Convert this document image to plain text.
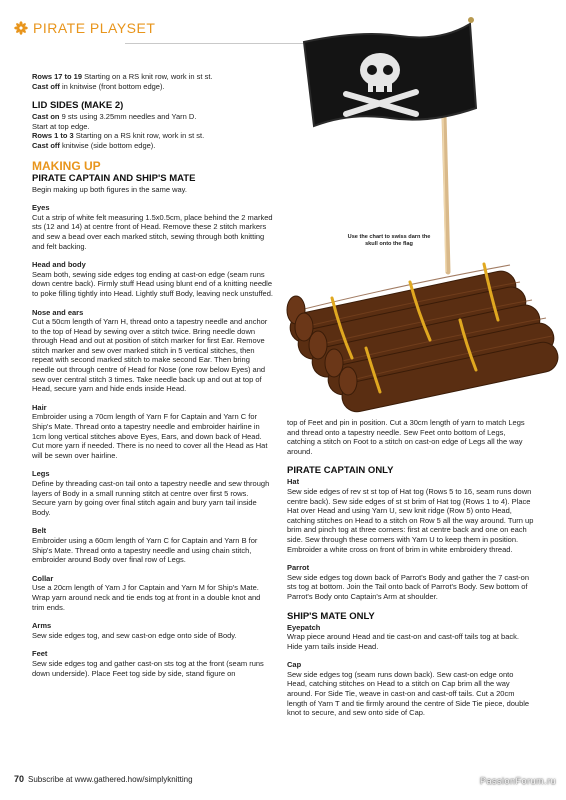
PIRATE PLAYSET
Use the chart to swiss darn the skull onto the flag

Rows 17 to 19 Starting on a RS knit row, work in st st.

Cast off in knitwise (front bottom edge).

LID SIDES (MAKE 2)

Cast on 9 sts using 3.25mm needles and Yarn D.

Start at top edge.

Rows 1 to 3 Starting on a RS knit row, work in st st.

Cast off knitwise (side bottom edge).

MAKING UP
PIRATE CAPTAIN AND SHIP'S MATE

Begin making up both figures in the same way.

Eyes

Cut a strip of white felt measuring 1.5x0.5cm, place behind the 2 marked sts (12 and 14) at centre front of Head. Remove these 2 stitch markers and sew a bead over each marked stitch, sewing through both knitting and felt backing.

Head and body

Seam both, sewing side edges tog ending at cast-on edge (seam runs down centre back). Firmly stuff Head using blunt end of a knitting needle to poke filling tightly into Head. Lightly stuff Body, leaving neck unstuffed.

Nose and ears

Cut a 50cm length of Yarn H, thread onto a tapestry needle and anchor to the top of Head by sewing over a stitch twice. Bring needle down through Head and out at position of stitch marker for first Ear. Remove stitch marker and sew over marked stitch in 5 vertical stitches, then repeat with second marked stitch to make second Ear. Then bring needle out through centre of Head for Nose (one row below Eyes) and sew over central stitch 3 times. Take needle back up and out at top of Head, secure yarn and hide ends inside Head.

Hair

Embroider using a 70cm length of Yarn F for Captain and Yarn C for Ship's Mate. Thread onto a tapestry needle and embroider hairline in 1cm long vertical stitches above Eyes, Ears, and down back of Head. Cut more yarn if needed. There is no need to cover all the Head as Hat will be sewn over hairline.

Legs

Define by threading cast-on tail onto a tapestry needle and sew through layers of Body in a small running stitch at centre over first 5 rows. Secure yarn by going over final stitch again and bury yarn tail inside Body.

Belt

Embroider using a 60cm length of Yarn C for Captain and Yarn B for Ship's Mate. Thread onto a tapestry needle and using chain stitch, embroider around Body over final row of Legs.

Collar

Use a 20cm length of Yarn J for Captain and Yarn M for Ship's Mate. Wrap yarn around neck and tie ends tog at front in a double knot and trim ends.

Arms

Sew side edges tog, and sew cast-on edge onto side of Body.

Feet

Sew side edges tog and gather cast-on sts tog at the front (seam runs down underside). Place Feet tog side by side, stand figure on

top of Feet and pin in position. Cut a 30cm length of yarn to match Legs and thread onto a tapestry needle. Sew Feet onto bottom of Legs, catching a stitch on Foot to a stitch on cast-on edge of Legs all the way around.

PIRATE CAPTAIN ONLY
Hat

Sew side edges of rev st st top of Hat tog (Rows 5 to 16, seam runs down centre back). Sew side edges of st st brim of Hat tog (Rows 1 to 4). Place Hat over Head and using Yarn U, sew knit ridge (Row 5) onto Head, catching stitches on Head to a stitch on Row 5 all the way around. Turn up brim and pinch tog at three corners: first at centre back and one on each side. Sew through these corners with Yarn U to keep them in position. Embroider a white cross on front of brim in white embroidery thread.

Parrot

Sew side edges tog down back of Parrot's Body and gather the 7 cast-on sts tog at bottom. Join the Tail onto back of Parrot's Body. Sew bottom of Parrot's Body onto Captain's Arm at shoulder.

SHIP'S MATE ONLY
Eyepatch

Wrap piece around Head and tie cast-on and cast-off tails tog at back. Hide yarn tails inside Head.

Cap

Sew side edges tog (seam runs down back). Sew cast-on edge onto Head, catching stitches on Head to a stitch on Cap brim all the way around. For Side Tie, weave in cast-on and cast-off tails. Cut a 20cm length of Yarn T and tie firmly around the centre of Side Tie piece, double knot to secure, and sew onto side of Cap.

70 Subscribe at www.gathered.how/simplyknitting	PassionForum.ru
